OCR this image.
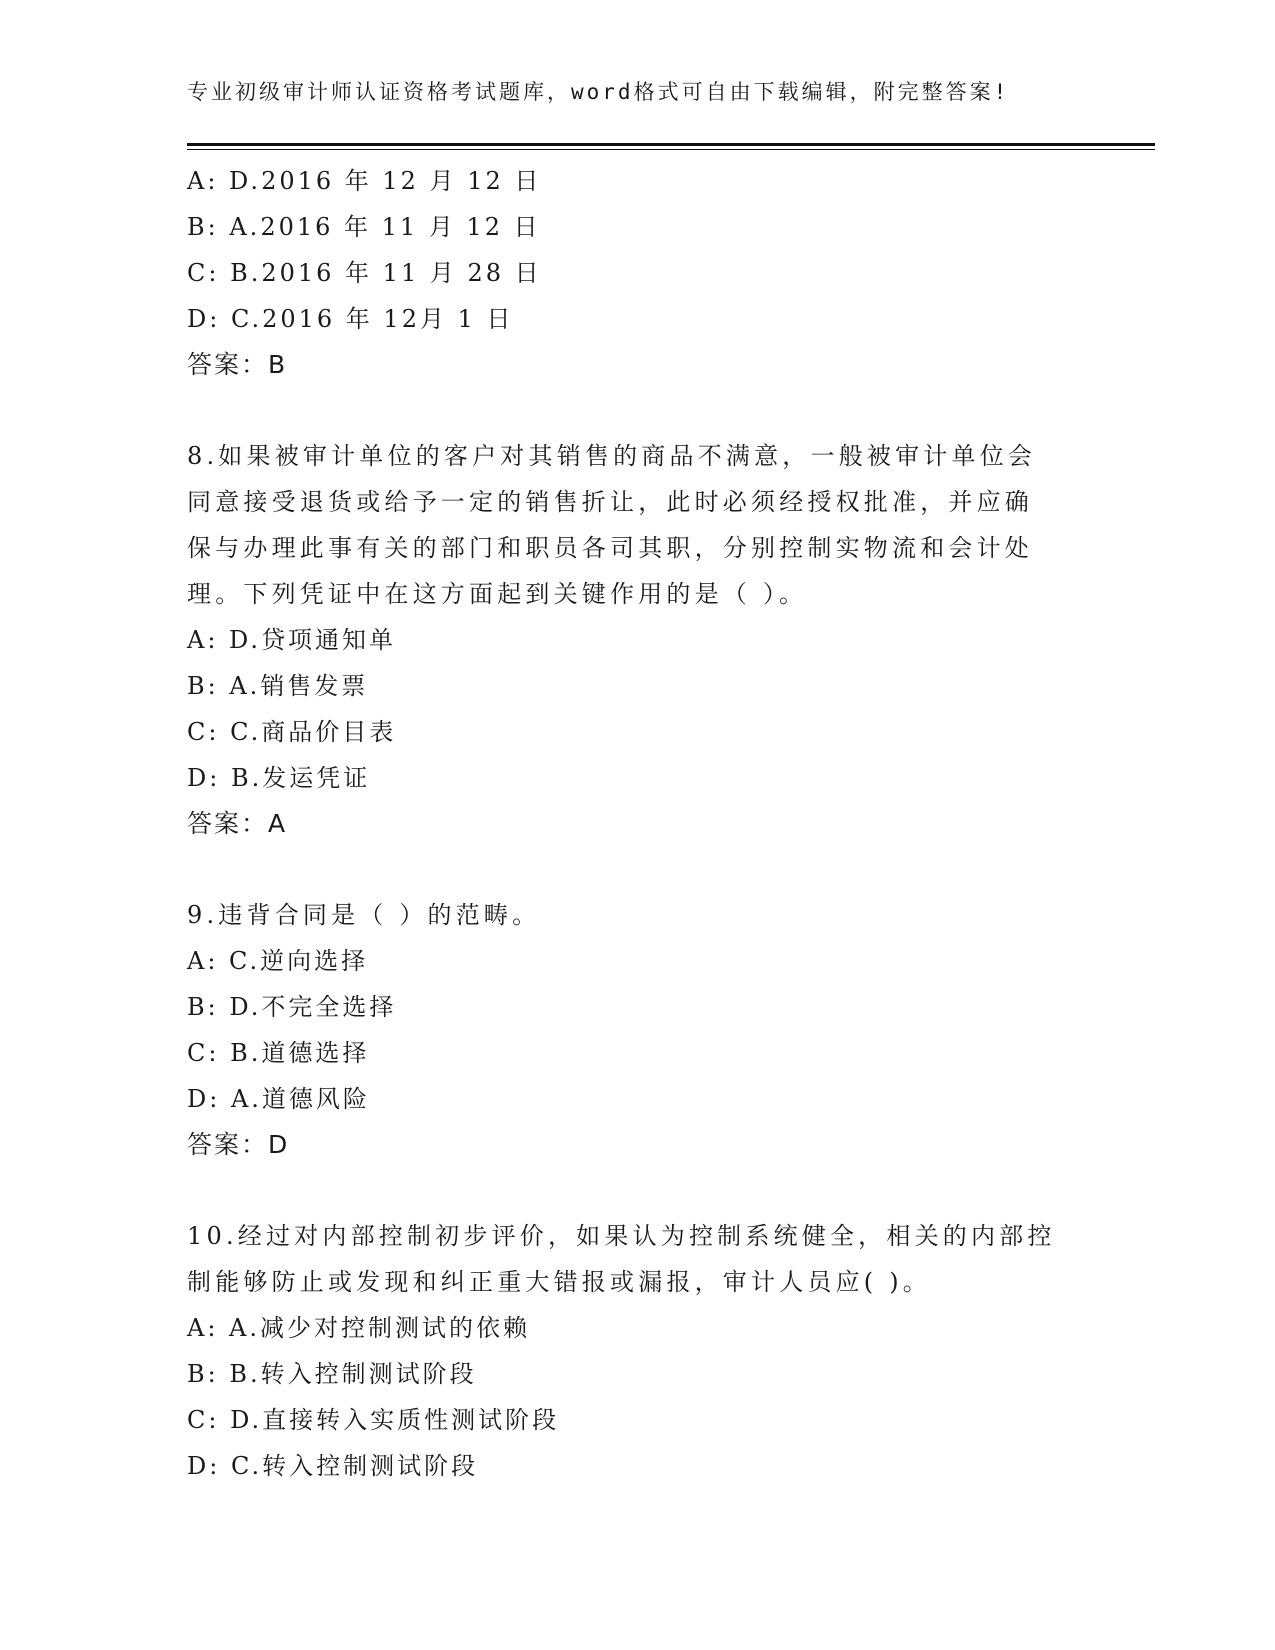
专业初级审计师认证资格考试题库，word格式可自由下载编辑，附完整答案!
A: D.2016 年 12 月 12 日
B: A.2016 年 11 月 12 日
C: B.2016 年 11 月 28 日
D: C.2016 年 12月 1 日
答案：B
8.如果被审计单位的客户对其销售的商品不满意，一般被审计单位会
同意接受退货或给予一定的销售折让，此时必须经授权批准，并应确
保与办理此事有关的部门和职员各司其职，分别控制实物流和会计处
理。下列凭证中在这方面起到关键作用的是（ ）。
A: D.贷项通知单
B: A.销售发票
C: C.商品价目表
D: B.发运凭证
答案：A
9.违背合同是（ ）的范畴。
A: C.逆向选择
B: D.不完全选择
C: B.道德选择
D: A.道德风险
答案：D
10.经过对内部控制初步评价，如果认为控制系统健全，相关的内部控
制能够防止或发现和纠正重大错报或漏报，审计人员应( )。
A: A.减少对控制测试的依赖
B: B.转入控制测试阶段
C: D.直接转入实质性测试阶段
D: C.转入控制测试阶段
